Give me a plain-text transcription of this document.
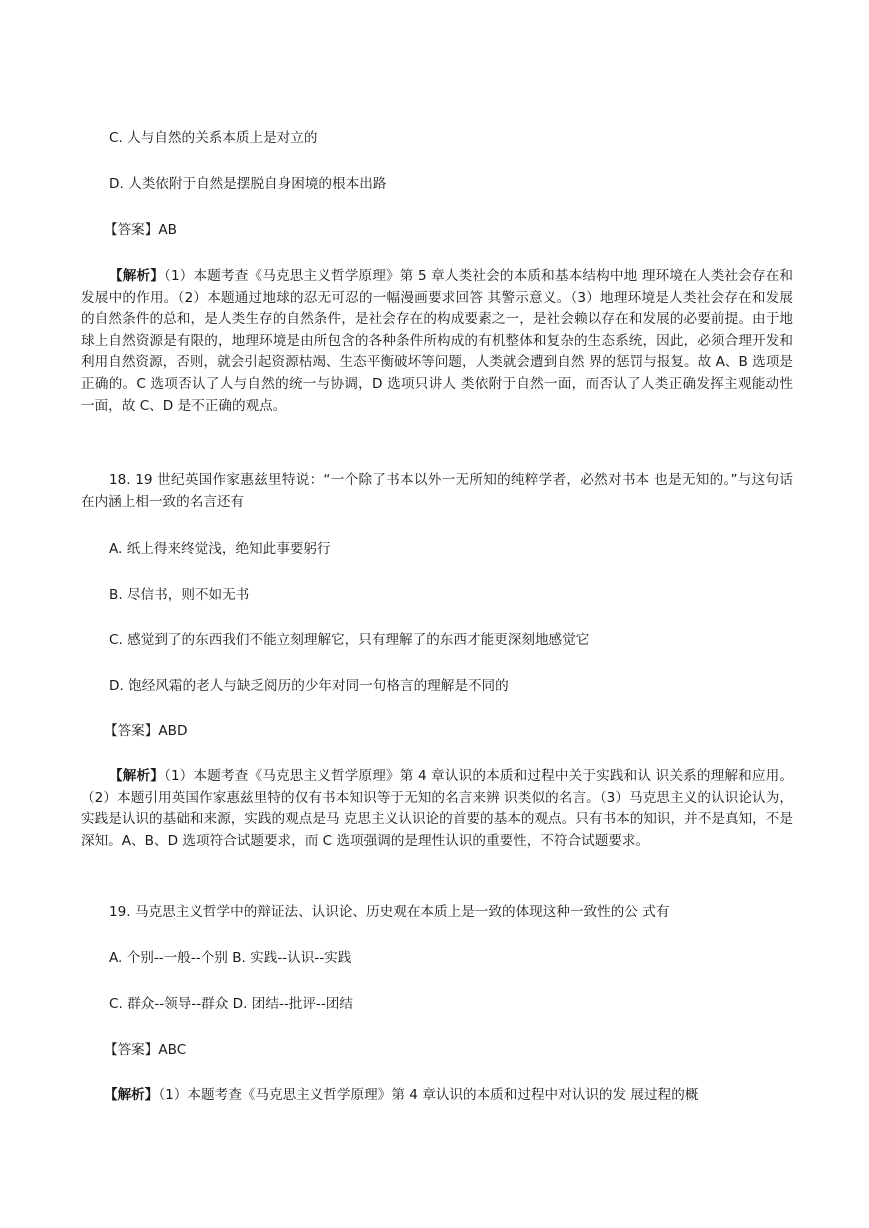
C. 人与自然的关系本质上是对立的
D. 人类依附于自然是摆脱自身困境的根本出路
【答案】AB
【解析】（1）本题考查《马克思主义哲学原理》第 5 章人类社会的本质和基本结构中地 理环境在人类社会存在和发展中的作用。（2）本题通过地球的忍无可忍的一幅漫画要求回答 其警示意义。（3）地理环境是人类社会存在和发展的自然条件的总和，是人类生存的自然条件，是社会存在的构成要素之一，是社会赖以存在和发展的必要前提。由于地球上自然资源是有限的，地理环境是由所包含的各种条件所构成的有机整体和复杂的生态系统，因此，必须合理开发和利用自然资源，否则，就会引起资源枯竭、生态平衡破坏等问题，人类就会遭到自然 界的惩罚与报复。故 A、B 选项是正确的。C 选项否认了人与自然的统一与协调，D 选项只讲人 类依附于自然一面，而否认了人类正确发挥主观能动性一面，故 C、D 是不正确的观点。
18. 19 世纪英国作家惠兹里特说：“一个除了书本以外一无所知的纯粹学者，必然对书本 也是无知的。”与这句话在内涵上相一致的名言还有
A. 纸上得来终觉浅，绝知此事要躬行
B. 尽信书，则不如无书
C. 感觉到了的东西我们不能立刻理解它，只有理解了的东西才能更深刻地感觉它
D. 饱经风霜的老人与缺乏阅历的少年对同一句格言的理解是不同的
【答案】ABD
【解析】（1）本题考查《马克思主义哲学原理》第 4 章认识的本质和过程中关于实践和认 识关系的理解和应用。（2）本题引用英国作家惠兹里特的仅有书本知识等于无知的名言来辨 识类似的名言。（3）马克思主义的认识论认为，实践是认识的基础和来源，实践的观点是马 克思主义认识论的首要的基本的观点。只有书本的知识，并不是真知，不是深知。A、B、D 选项符合试题要求，而 C 选项强调的是理性认识的重要性，不符合试题要求。
19. 马克思主义哲学中的辩证法、认识论、历史观在本质上是一致的体现这种一致性的公 式有
A. 个别--一般--个别 B. 实践--认识--实践
C. 群众--领导--群众 D. 团结--批评--团结
【答案】ABC
【解析】（1）本题考查《马克思主义哲学原理》第 4 章认识的本质和过程中对认识的发 展过程的概
